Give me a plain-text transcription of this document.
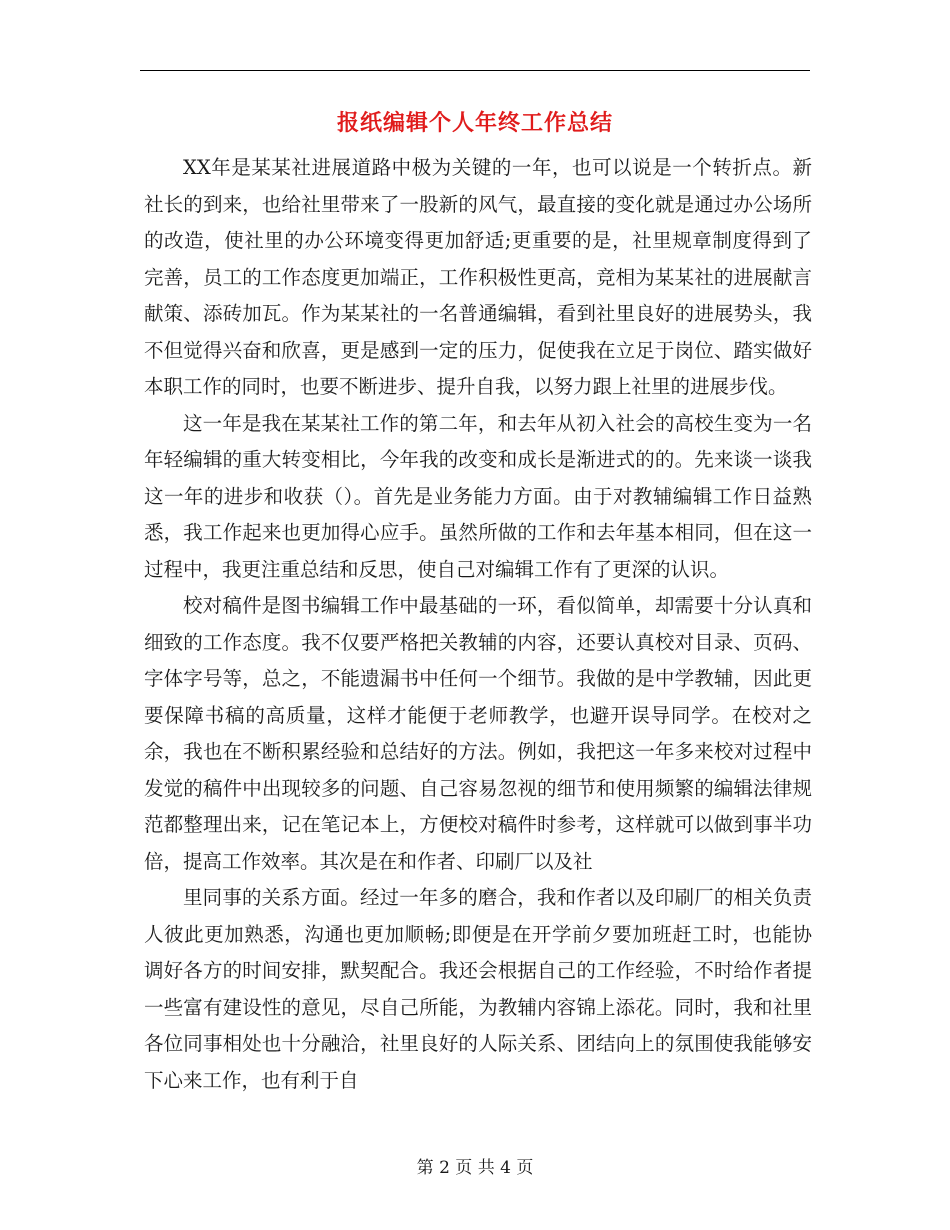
报纸编辑个人年终工作总结

XX年是某某社进展道路中极为关键的一年，也可以说是一个转折点。新社长的到来，也给社里带来了一股新的风气，最直接的变化就是通过办公场所的改造，使社里的办公环境变得更加舒适;更重要的是，社里规章制度得到了完善，员工的工作态度更加端正，工作积极性更高，竞相为某某社的进展献言献策、添砖加瓦。作为某某社的一名普通编辑，看到社里良好的进展势头，我不但觉得兴奋和欣喜，更是感到一定的压力，促使我在立足于岗位、踏实做好本职工作的同时，也要不断进步、提升自我，以努力跟上社里的进展步伐。

这一年是我在某某社工作的第二年，和去年从初入社会的高校生变为一名年轻编辑的重大转变相比，今年我的改变和成长是渐进式的的。先来谈一谈我这一年的进步和收获（）。首先是业务能力方面。由于对教辅编辑工作日益熟悉，我工作起来也更加得心应手。虽然所做的工作和去年基本相同，但在这一过程中，我更注重总结和反思，使自己对编辑工作有了更深的认识。

校对稿件是图书编辑工作中最基础的一环，看似简单，却需要十分认真和细致的工作态度。我不仅要严格把关教辅的内容，还要认真校对目录、页码、字体字号等，总之，不能遗漏书中任何一个细节。我做的是中学教辅，因此更要保障书稿的高质量，这样才能便于老师教学，也避开误导同学。在校对之余，我也在不断积累经验和总结好的方法。例如，我把这一年多来校对过程中发觉的稿件中出现较多的问题、自己容易忽视的细节和使用频繁的编辑法律规范都整理出来，记在笔记本上，方便校对稿件时参考，这样就可以做到事半功倍，提高工作效率。其次是在和作者、印刷厂以及社

里同事的关系方面。经过一年多的磨合，我和作者以及印刷厂的相关负责人彼此更加熟悉，沟通也更加顺畅;即便是在开学前夕要加班赶工时，也能协调好各方的时间安排，默契配合。我还会根据自己的工作经验，不时给作者提一些富有建设性的意见，尽自己所能，为教辅内容锦上添花。同时，我和社里各位同事相处也十分融洽，社里良好的人际关系、团结向上的氛围使我能够安下心来工作，也有利于自

第 2 页 共 4 页
